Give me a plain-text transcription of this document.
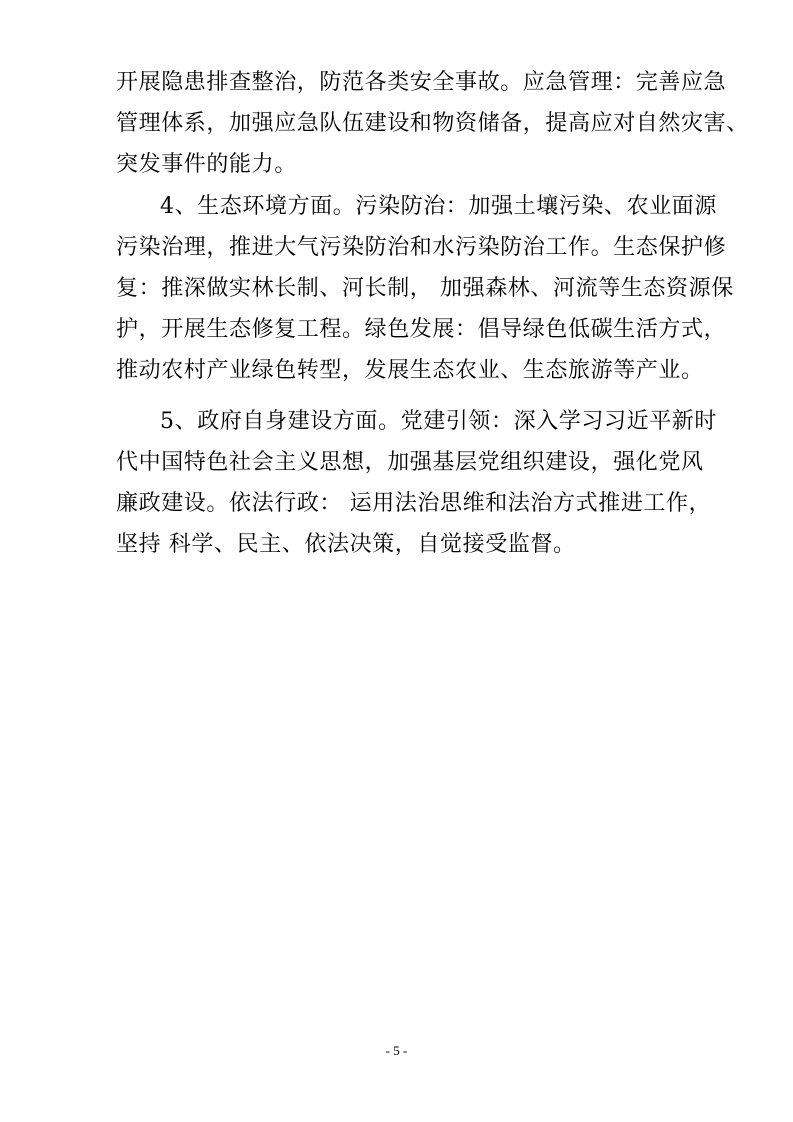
开展隐患排查整治，防范各类安全事故。应急管理：完善应急
管理体系，加强应急队伍建设和物资储备，提高应对自然灾害、
突发事件的能力。
4、生态环境方面。污染防治：加强土壤污染、农业面源
污染治理，推进大气污染防治和水污染防治工作。生态保护修
复：推深做实林长制、河长制， 加强森林、河流等生态资源保
护，开展生态修复工程。绿色发展：倡导绿色低碳生活方式，
推动农村产业绿色转型，发展生态农业、生态旅游等产业。
5、政府自身建设方面。党建引领：深入学习习近平新时
代中国特色社会主义思想，加强基层党组织建设，强化党风
廉政建设。依法行政： 运用法治思维和法治方式推进工作，
坚持 科学、民主、依法决策，自觉接受监督。
- 5 -
